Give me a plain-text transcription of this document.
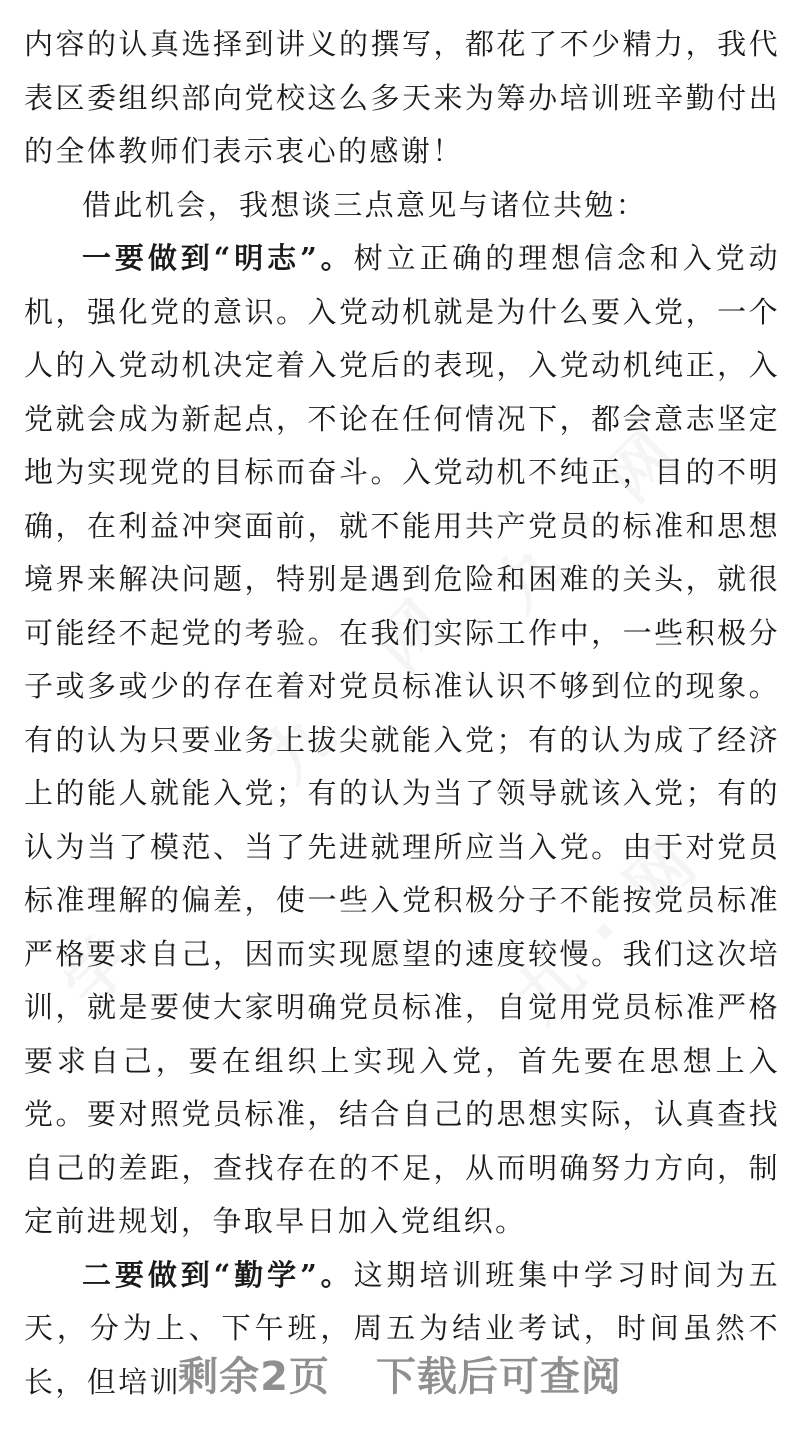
内容的认真选择到讲义的撰写，都花了不少精力，我代表区委组织部向党校这么多天来为筹办培训班辛勤付出的全体教师们表示衷心的感谢！

借此机会，我想谈三点意见与诸位共勉：

一要做到“明志”。树立正确的理想信念和入党动机，强化党的意识。入党动机就是为什么要入党，一个人的入党动机决定着入党后的表现，入党动机纯正，入党就会成为新起点，不论在任何情况下，都会意志坚定地为实现党的目标而奋斗。入党动机不纯正，目的不明确，在利益冲突面前，就不能用共产党员的标准和思想境界来解决问题，特别是遇到危险和困难的关头，就很可能经不起党的考验。在我们实际工作中，一些积极分子或多或少的存在着对党员标准认识不够到位的现象。有的认为只要业务上拔尖就能入党；有的认为成了经济上的能人就能入党；有的认为当了领导就该入党；有的认为当了模范、当了先进就理所应当入党。由于对党员标准理解的偏差，使一些入党积极分子不能按党员标准严格要求自己，因而实现愿望的速度较慢。我们这次培训，就是要使大家明确党员标准，自觉用党员标准严格要求自己，要在组织上实现入党，首先要在思想上入党。要对照党员标准，结合自己的思想实际，认真查找自己的差距，查找存在的不足，从而明确努力方向，制定前进规划，争取早日加入党组织。

二要做到“勤学”。这期培训班集中学习时间为五天，分为上、下午班，周五为结业考试，时间虽然不长，但培训

剩余2页 下载后可查阅
